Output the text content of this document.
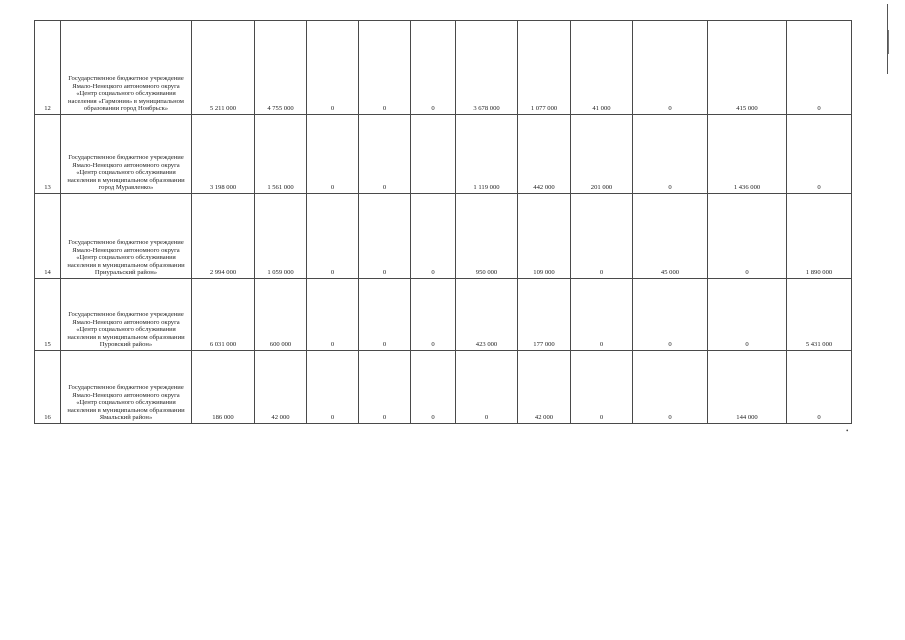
12	Государственное бюджетное учреждение Ямало-Ненецкого автономного округа «Центр социального обслуживания населения «Гармония» в муниципальном образовании город Ноябрьск»	5 211 000	4 755 000	0	0	0	3 678 000	1 077 000	41 000	0	415 000	0
13	Государственное бюджетное учреждение Ямало-Ненецкого автономного округа «Центр социального обслуживания населения в муниципальном образовании город Муравленко»	3 198 000	1 561 000	0	0		1 119 000	442 000	201 000	0	1 436 000	0
14	Государственное бюджетное учреждение Ямало-Ненецкого автономного округа «Центр социального обслуживания населения в муниципальном образовании Приуральский район»	2 994 000	1 059 000	0	0	0	950 000	109 000	0	45 000	0	1 890 000
15	Государственное бюджетное учреждение Ямало-Ненецкого автономного округа «Центр социального обслуживания населения в муниципальном образовании Пуровский район»	6 031 000	600 000	0	0	0	423 000	177 000	0	0	0	5 431 000
16	Государственное бюджетное учреждение Ямало-Ненецкого автономного округа «Центр социального обслуживания населения в муниципальном образовании Ямальский район»	186 000	42 000	0	0	0	0	42 000	0	0	144 000	0
•
